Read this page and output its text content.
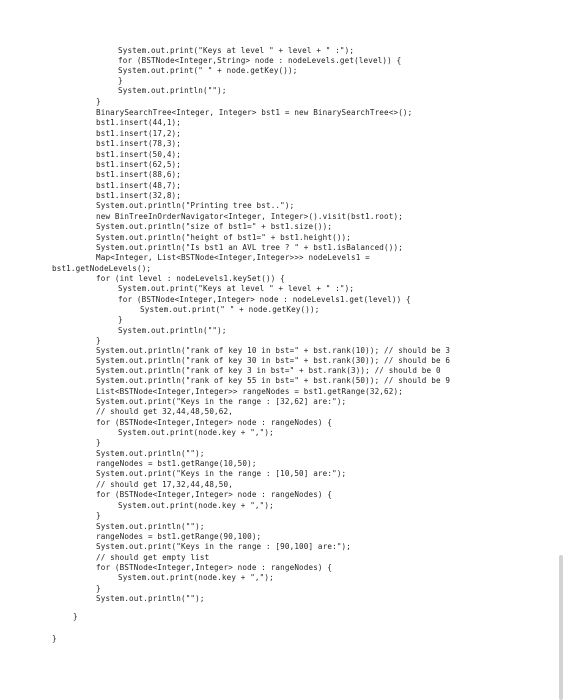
System.out.print("Keys at level " + level + " :");
for (BSTNode<Integer,String> node : nodeLevels.get(level)) {
System.out.print(" " + node.getKey());
}
System.out.println("");
}
BinarySearchTree<Integer, Integer> bst1 = new BinarySearchTree<>();
bst1.insert(44,1);
bst1.insert(17,2);
bst1.insert(78,3);
bst1.insert(50,4);
bst1.insert(62,5);
bst1.insert(88,6);
bst1.insert(48,7);
bst1.insert(32,8);
System.out.println("Printing tree bst..");
new BinTreeInOrderNavigator<Integer, Integer>().visit(bst1.root);
System.out.println("size of bst1=" + bst1.size());
System.out.println("height of bst1=" + bst1.height());
System.out.println("Is bst1 an AVL tree ? " + bst1.isBalanced());
Map<Integer, List<BSTNode<Integer,Integer>>> nodeLevels1 =
bst1.getNodeLevels();
for (int level : nodeLevels1.keySet()) {
System.out.print("Keys at level " + level + " :");
for (BSTNode<Integer,Integer> node : nodeLevels1.get(level)) {
System.out.print(" " + node.getKey());
}
System.out.println("");
}
System.out.println("rank of key 10 in bst=" + bst.rank(10)); // should be 3
System.out.println("rank of key 30 in bst=" + bst.rank(30)); // should be 6
System.out.println("rank of key 3 in bst=" + bst.rank(3)); // should be 0
System.out.println("rank of key 55 in bst=" + bst.rank(50)); // should be 9
List<BSTNode<Integer,Integer>> rangeNodes = bst1.getRange(32,62);
System.out.print("Keys in the range : [32,62] are:");
// should get 32,44,48,50,62,
for (BSTNode<Integer,Integer> node : rangeNodes) {
System.out.print(node.key + ",");
}
System.out.println("");
rangeNodes = bst1.getRange(10,50);
System.out.print("Keys in the range : [10,50] are:");
// should get 17,32,44,48,50,
for (BSTNode<Integer,Integer> node : rangeNodes) {
System.out.print(node.key + ",");
}
System.out.println("");
rangeNodes = bst1.getRange(90,100);
System.out.print("Keys in the range : [90,100] are:");
// should get empty list
for (BSTNode<Integer,Integer> node : rangeNodes) {
System.out.print(node.key + ",");
}
System.out.println("");
}
}
